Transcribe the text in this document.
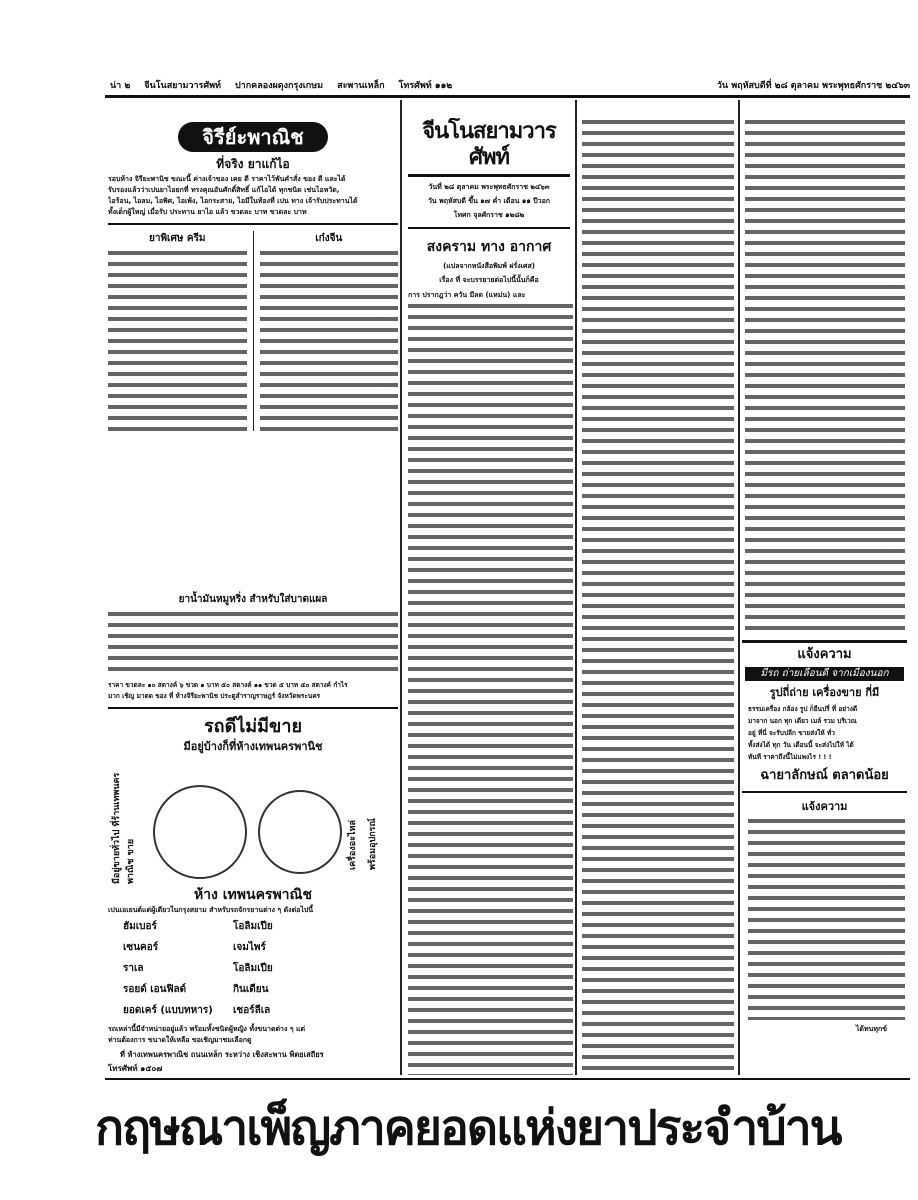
น่า ๒ จีนโนสยามวารศัพท์ ปากคลองผดุงกรุงเกษม สะพานเหล็ก โทรศัพท์ ๑๑๒	วัน พฤหัสบดีที่ ๒๘ ตุลาคม พระพุทธศักราช ๒๔๖๓
จิรีย์ะพาณิช
ที่จริง ยาแก้ไอ
รอบห้าง จิรียะพานิช ขณะนี้ ค่างเจ้าของ เคย ดี ราคาไว้พันคำสั่ง ของ ดี และได้
รับรองแล้วว่าเปนยาไอยกที่ ทรงคุณอันศักดิ์สิทธิ์ แก้ไอได้ ทุกชนิด เช่นไอหวัด,
ไอร้อน, ไอลม, ไอพิศ, ไอเพ้ง, ไอกระสาย, ไอมีในท้องที่ เปน ทาง เจ้ารับประทานได้
ทั้งเด็กผู้ใหญ่ เมื่อรับ ประทาน ยาไอ แล้ว ขวดละ บาท ขวดละ บาท
ยาพิเศษ ครีม	เก๋งจีน
ยาน้ำมันหมูหริ่ง สำหรับใส่บาดแผล
ราคา ขวดละ ๑๐ สตางค์ ๖ ขวด ๑ บาท ๕๐ สตางค์ ๑๑ ขวด ๕ บาท ๕๐ สตางค์ กำไร
มาก เชิญ มาตด ของ ที่ ห้างจิรียะพานิช ประตูสำราญราษฎร์ จังหวัดพระนคร
รถดีไม่มีขาย
มีอยู่บ้างก็ที่ห้างเทพนครพานิช
มีอยู่ขายทั่วไป ที่ร้านเทพนครพาณิช ขาย	เครื่องอะไหล่ พร้อมอุปกรณ์
ห้าง เทพนครพาณิช
เปนเอเยนต์แต่ผู้เดียวในกรุงสยาม สำหรับรถจักรยานต่าง ๆ ดังต่อไปนี้
ฮัมเบอร์	โอลิมเปีย
เซนคอร์	เจมไพร์
ราเล	โอลิมเปีย
รอยด์ เอนฟิลด์	กินเดียน
ยอดเคร์ (แบบทหาร)	เชอร์ลีเล
รถเหล่านี้มีจำหน่ายอยู่แล้ว พร้อมทั้งชนิดผู้หญิง ทั้งขนาดต่าง ๆ แต่
ท่านต้องการ ขนาดให้เหลือ ขอเชิญมาชมเลือกดู
ที่ ห้างเทพนครพาณิช ถนนเหล็ก ระหว่าง เชิงสะพาน พิตยเสถียร
โทรศัพท์ ๑๕๐๗
จีนโนสยามวารศัพท์
วันที่ ๒๘ ตุลาคม พระพุทธศักราช ๒๔๖๓
วัน พฤหัสบดี ขึ้น ๑๗ ค่ำ เดือน ๑๑ ปีวอก
โทศก จุลศักราช ๑๒๘๒
สงคราม ทาง อากาศ
(แปลจากหนังสือพิมพ์ ฝรั่งเศส)
เรื่อง ที่ จะบรรยายต่อไปนี้นั้นก็คือ
การ ปรากฎว่า ควัน มีลด (แหม่น) และ
แจ้งความ
มีรถ ถ่ายเลื่อนดี จากเมืองนอก
รูปถี่ถ่าย เครื่องขาย กี่มี
ธรรมเครื่อง กล้อง รูป ก็ยืนปรี่ ที่ อย่างดี
มาจาก นอก ทุก เดียว เมล์ รวม บริเวณ
อยู่ ที่นี่ จะรับปลีก ขายส่งให้ ทั่ว
ทั้งส่งได้ ทุก วัน เดือนนี้ จะส่งไปให้ ได้
ทันที ราคาถึงนี้ไม่แพงไร ! ! !
ฉายาลักษณ์ ตลาดน้อย
แจ้งความ
ได้ทนทุกข์
กฤษณาเพ็ญภาคยอดแห่งยาประจำบ้าน
